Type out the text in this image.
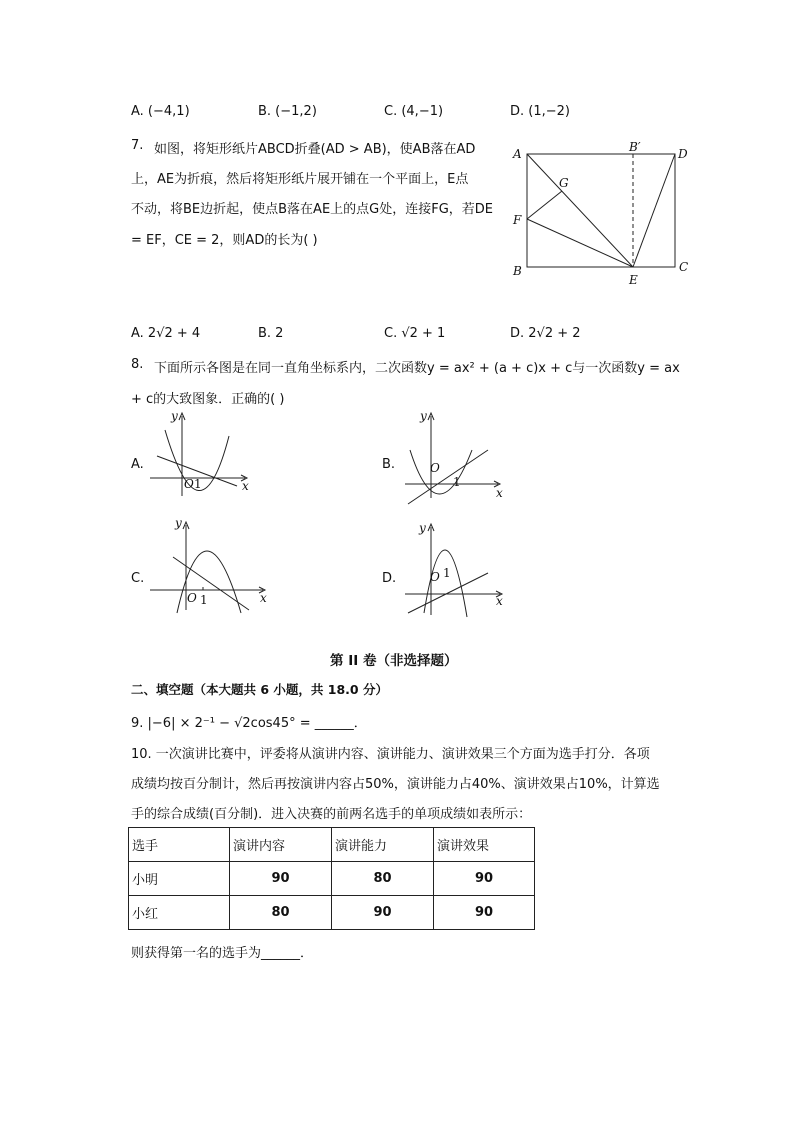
A. (−4,1)	B. (−1,2)	C. (4,−1)	D. (1,−2)
7. 如图，将矩形纸片ABCD折叠(AD > AB)，使AB落在AD
上，AE为折痕，然后将矩形纸片展开铺在一个平面上，E点
不动，将BE边折起，使点B落在AE上的点G处，连接FG，若DE
= EF，CE = 2，则AD的长为( )
A	B′	D
G
F
B
E
C
A. 2√2 + 4	B. 2	C. √2 + 1	D. 2√2 + 2
8. 下面所示各图是在同一直角坐标系内，二次函数y = ax² + (a + c)x + c与一次函数y = ax
+ c的大致图象．正确的( )
A.
y
x
O 1
B.
y
x
O
1
C.
y
x
O 1
D.
y
x
O 1
第 II 卷（非选择题）
二、填空题（本大题共 6 小题，共 18.0 分）
9. |−6| × 2⁻¹ − √2cos45° = ______．
10. 一次演讲比赛中，评委将从演讲内容、演讲能力、演讲效果三个方面为选手打分．各项
成绩均按百分制计，然后再按演讲内容占50%，演讲能力占40%、演讲效果占10%，计算选
手的综合成绩(百分制)．进入决赛的前两名选手的单项成绩如表所示：
选手	演讲内容	演讲能力	演讲效果
小明	90	80	90
小红	80	90	90
则获得第一名的选手为______．
